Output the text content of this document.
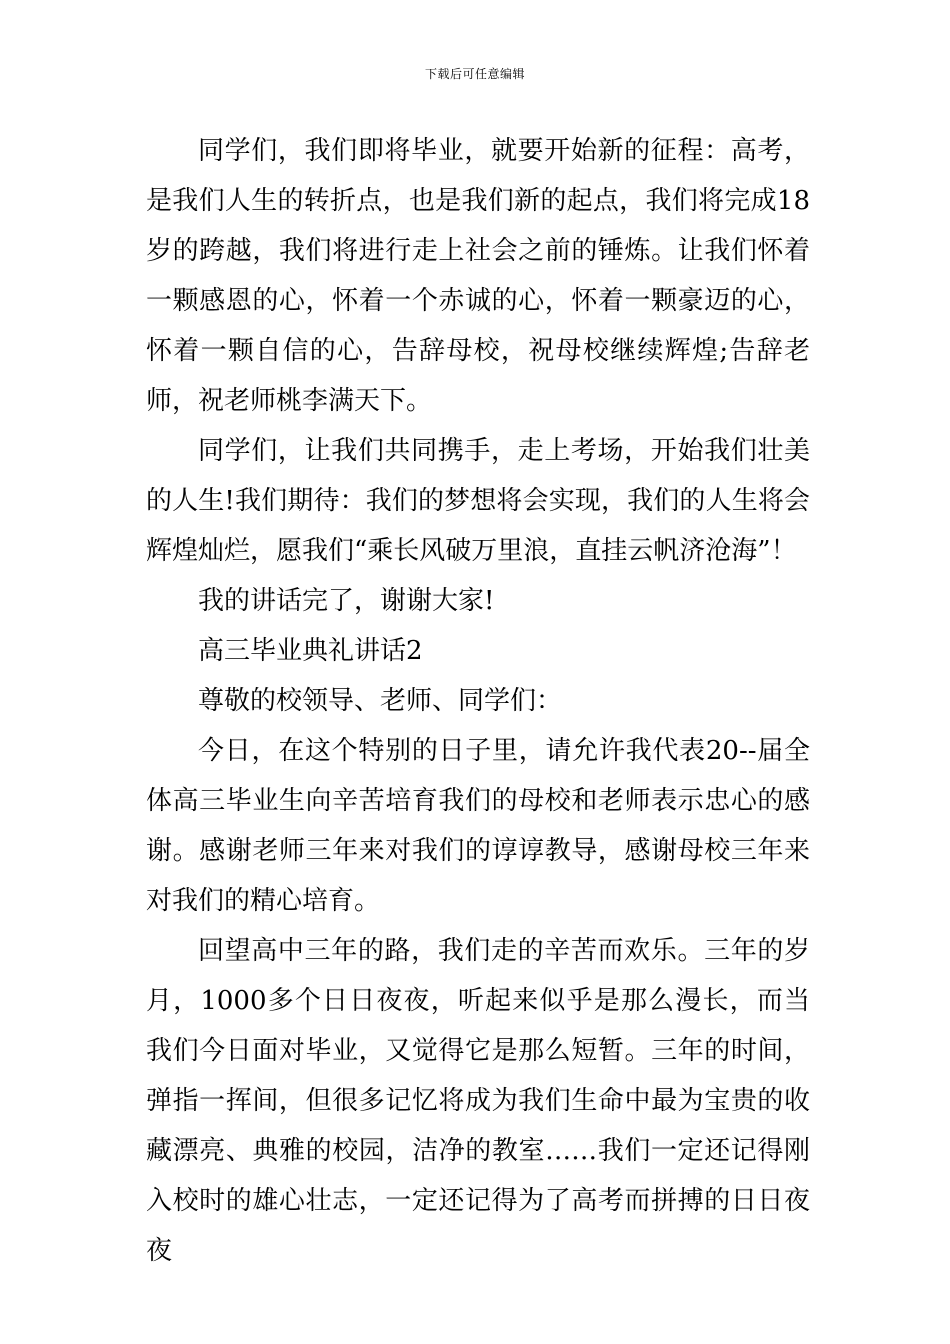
下载后可任意编辑

同学们，我们即将毕业，就要开始新的征程：高考，是我们人生的转折点，也是我们新的起点，我们将完成18岁的跨越，我们将进行走上社会之前的锤炼。让我们怀着一颗感恩的心，怀着一个赤诚的心，怀着一颗豪迈的心，怀着一颗自信的心，告辞母校，祝母校继续辉煌;告辞老师，祝老师桃李满天下。

同学们，让我们共同携手，走上考场，开始我们壮美的人生!我们期待：我们的梦想将会实现，我们的人生将会辉煌灿烂，愿我们“乘长风破万里浪，直挂云帆济沧海”！

我的讲话完了，谢谢大家!

高三毕业典礼讲话2

尊敬的校领导、老师、同学们：

今日，在这个特别的日子里，请允许我代表20--届全体高三毕业生向辛苦培育我们的母校和老师表示忠心的感谢。感谢老师三年来对我们的谆谆教导，感谢母校三年来对我们的精心培育。

回望高中三年的路，我们走的辛苦而欢乐。三年的岁月，1000多个日日夜夜，听起来似乎是那么漫长，而当我们今日面对毕业，又觉得它是那么短暂。三年的时间，弹指一挥间，但很多记忆将成为我们生命中最为宝贵的收藏漂亮、典雅的校园，洁净的教室……我们一定还记得刚入校时的雄心壮志，一定还记得为了高考而拼搏的日日夜夜
